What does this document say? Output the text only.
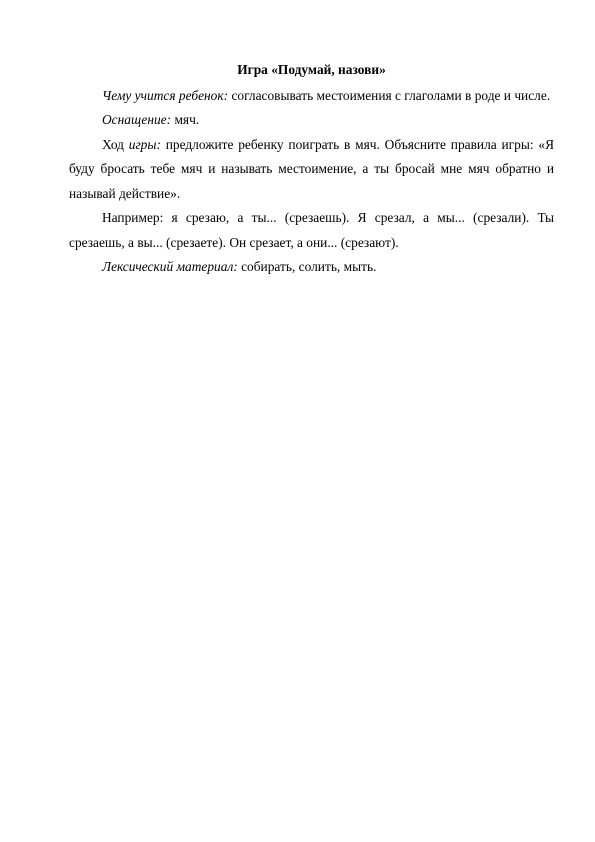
Игра «Подумай, назови»

Чему учится ребенок: согласовывать местоимения с глаголами в роде и числе.

Оснащение: мяч.

Ход игры: предложите ребенку поиграть в мяч. Объясните правила игры: «Я буду бросать тебе мяч и называть местоимение, а ты бросай мне мяч обратно и называй действие».

Например: я срезаю, а ты... (срезаешь). Я срезал, а мы... (срезали). Ты срезаешь, а вы... (срезаете). Он срезает, а они... (срезают).

Лексический материал: собирать, солить, мыть.
